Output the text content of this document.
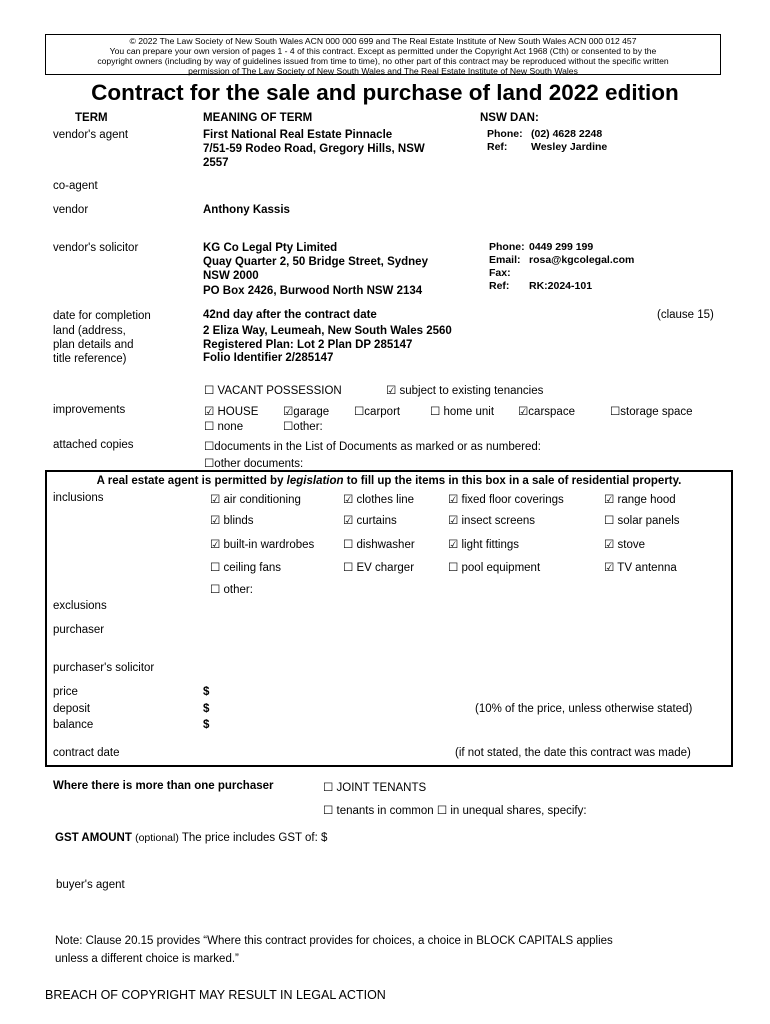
© 2022 The Law Society of New South Wales ACN 000 000 699 and The Real Estate Institute of New South Wales ACN 000 012 457
You can prepare your own version of pages 1 - 4 of this contract. Except as permitted under the Copyright Act 1968 (Cth) or consented to by the
copyright owners (including by way of guidelines issued from time to time), no other part of this contract may be reproduced without the specific written
permission of The Law Society of New South Wales and The Real Estate Institute of New South Wales
Contract for the sale and purchase of land 2022 edition
TERM	MEANING OF TERM	NSW DAN:
vendor's agent	First National Real Estate Pinnacle
7/51-59 Rodeo Road, Gregory Hills, NSW
2557
Phone: (02) 4628 2248
Ref: Wesley Jardine
co-agent
vendor	Anthony Kassis
vendor's solicitor	KG Co Legal Pty Limited
Quay Quarter 2, 50 Bridge Street, Sydney
NSW 2000
PO Box 2426, Burwood North NSW 2134
Phone: 0449 299 199
Email: rosa@kgcolegal.com
Fax:
Ref: RK:2024-101
date for completion	42nd day after the contract date	(clause 15)
land (address,
plan details and
title reference)
2 Eliza Way, Leumeah, New South Wales 2560
Registered Plan: Lot 2 Plan DP 285147
Folio Identifier 2/285147
☐ VACANT POSSESSION	☑ subject to existing tenancies
improvements	☑ HOUSE ☑garage ☐carport	☐ home unit ☑carspace	☐storage space
☐ none	☐other:
attached copies	☐documents in the List of Documents as marked or as numbered:
☐other documents:
A real estate agent is permitted by legislation to fill up the items in this box in a sale of residential property.
inclusions	☑ air conditioning	☑ clothes line	☑ fixed floor coverings	☑ range hood
☑ blinds	☑ curtains	☑ insect screens	☐ solar panels
☑ built-in wardrobes ☐ dishwasher	☑ light fittings	☑ stove
☐ ceiling fans	☐ EV charger	☐ pool equipment	☑ TV antenna
☐ other:
exclusions
purchaser
purchaser's solicitor
price	$
deposit	$	(10% of the price, unless otherwise stated)
balance	$
contract date	(if not stated, the date this contract was made)
Where there is more than one purchaser	☐ JOINT TENANTS
☐ tenants in common ☐ in unequal shares, specify:
GST AMOUNT (optional) The price includes GST of: $
buyer's agent
Note: Clause 20.15 provides “Where this contract provides for choices, a choice in BLOCK CAPITALS applies
unless a different choice is marked.”
BREACH OF COPYRIGHT MAY RESULT IN LEGAL ACTION
